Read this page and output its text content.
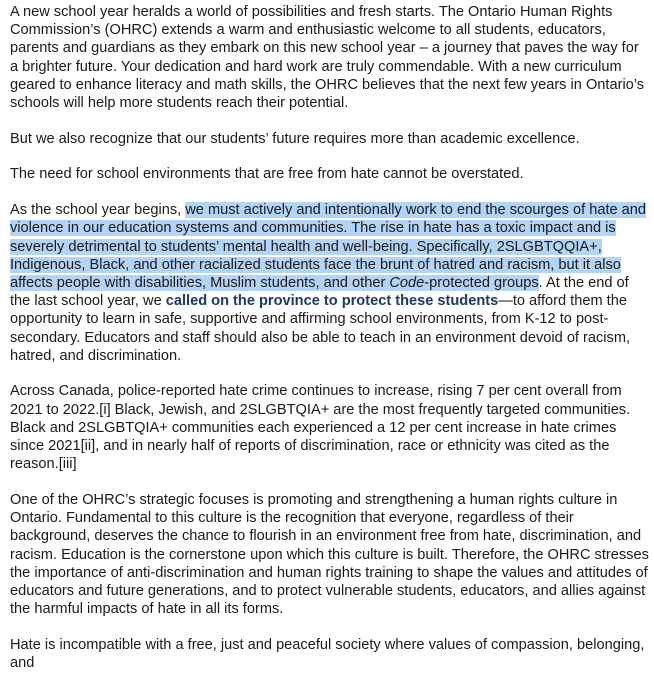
A new school year heralds a world of possibilities and fresh starts. The Ontario Human Rights Commission’s (OHRC) extends a warm and enthusiastic welcome to all students, educators, parents and guardians as they embark on this new school year – a journey that paves the way for a brighter future. Your dedication and hard work are truly commendable. With a new curriculum geared to enhance literacy and math skills, the OHRC believes that the next few years in Ontario’s schools will help more students reach their potential.

But we also recognize that our students’ future requires more than academic excellence.

The need for school environments that are free from hate cannot be overstated.

As the school year begins, we must actively and intentionally work to end the scourges of hate and violence in our education systems and communities. The rise in hate has a toxic impact and is severely detrimental to students’ mental health and well-being. Specifically, 2SLGBTQQIA+, Indigenous, Black, and other racialized students face the brunt of hatred and racism, but it also affects people with disabilities, Muslim students, and other Code-protected groups. At the end of the last school year, we called on the province to protect these students—to afford them the opportunity to learn in safe, supportive and affirming school environments, from K-12 to post-secondary. Educators and staff should also be able to teach in an environment devoid of racism, hatred, and discrimination.

Across Canada, police-reported hate crime continues to increase, rising 7 per cent overall from 2021 to 2022.[i] Black, Jewish, and 2SLGBTQIA+ are the most frequently targeted communities. Black and 2SLGBTQIA+ communities each experienced a 12 per cent increase in hate crimes since 2021[ii], and in nearly half of reports of discrimination, race or ethnicity was cited as the reason.[iii]

One of the OHRC’s strategic focuses is promoting and strengthening a human rights culture in Ontario. Fundamental to this culture is the recognition that everyone, regardless of their background, deserves the chance to flourish in an environment free from hate, discrimination, and racism. Education is the cornerstone upon which this culture is built. Therefore, the OHRC stresses the importance of anti-discrimination and human rights training to shape the values and attitudes of educators and future generations, and to protect vulnerable students, educators, and allies against the harmful impacts of hate in all its forms.

Hate is incompatible with a free, just and peaceful society where values of compassion, belonging, and
